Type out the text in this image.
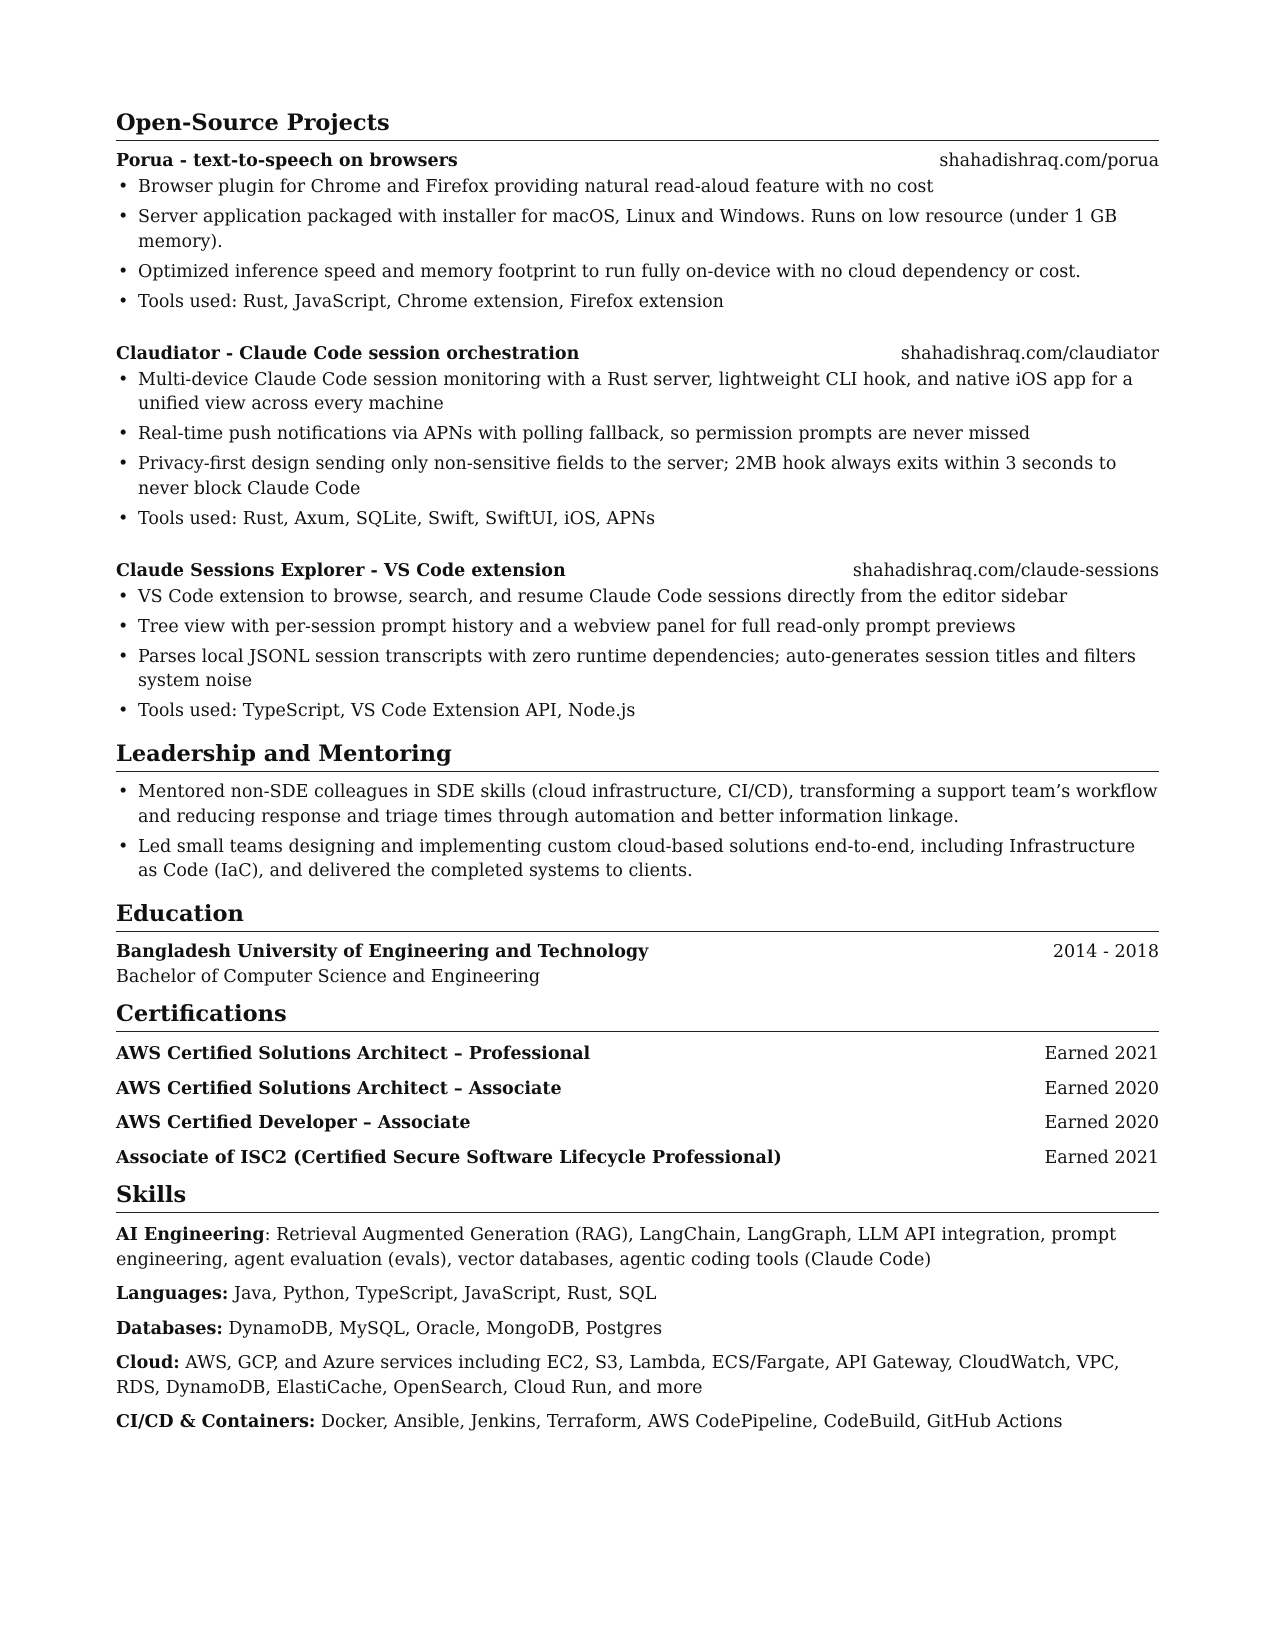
Open-Source Projects
Porua - text-to-speech on browsers	shahadishraq.com/porua
• Browser plugin for Chrome and Firefox providing natural read-aloud feature with no cost
• Server application packaged with installer for macOS, Linux and Windows. Runs on low resource (under 1 GB memory).
• Optimized inference speed and memory footprint to run fully on-device with no cloud dependency or cost.
• Tools used: Rust, JavaScript, Chrome extension, Firefox extension
Claudiator - Claude Code session orchestration	shahadishraq.com/claudiator
• Multi-device Claude Code session monitoring with a Rust server, lightweight CLI hook, and native iOS app for a unified view across every machine
• Real-time push notifications via APNs with polling fallback, so permission prompts are never missed
• Privacy-first design sending only non-sensitive fields to the server; 2MB hook always exits within 3 seconds to never block Claude Code
• Tools used: Rust, Axum, SQLite, Swift, SwiftUI, iOS, APNs
Claude Sessions Explorer - VS Code extension	shahadishraq.com/claude-sessions
• VS Code extension to browse, search, and resume Claude Code sessions directly from the editor sidebar
• Tree view with per-session prompt history and a webview panel for full read-only prompt previews
• Parses local JSONL session transcripts with zero runtime dependencies; auto-generates session titles and filters system noise
• Tools used: TypeScript, VS Code Extension API, Node.js
Leadership and Mentoring
• Mentored non-SDE colleagues in SDE skills (cloud infrastructure, CI/CD), transforming a support team’s workflow and reducing response and triage times through automation and better information linkage.
• Led small teams designing and implementing custom cloud-based solutions end-to-end, including Infrastructure as Code (IaC), and delivered the completed systems to clients.
Education
Bangladesh University of Engineering and Technology	2014 - 2018
Bachelor of Computer Science and Engineering
Certifications
AWS Certified Solutions Architect – Professional	Earned 2021
AWS Certified Solutions Architect – Associate	Earned 2020
AWS Certified Developer – Associate	Earned 2020
Associate of ISC2 (Certified Secure Software Lifecycle Professional)	Earned 2021
Skills
AI Engineering: Retrieval Augmented Generation (RAG), LangChain, LangGraph, LLM API integration, prompt engineering, agent evaluation (evals), vector databases, agentic coding tools (Claude Code)
Languages: Java, Python, TypeScript, JavaScript, Rust, SQL
Databases: DynamoDB, MySQL, Oracle, MongoDB, Postgres
Cloud: AWS, GCP, and Azure services including EC2, S3, Lambda, ECS/Fargate, API Gateway, CloudWatch, VPC, RDS, DynamoDB, ElastiCache, OpenSearch, Cloud Run, and more
CI/CD & Containers: Docker, Ansible, Jenkins, Terraform, AWS CodePipeline, CodeBuild, GitHub Actions
